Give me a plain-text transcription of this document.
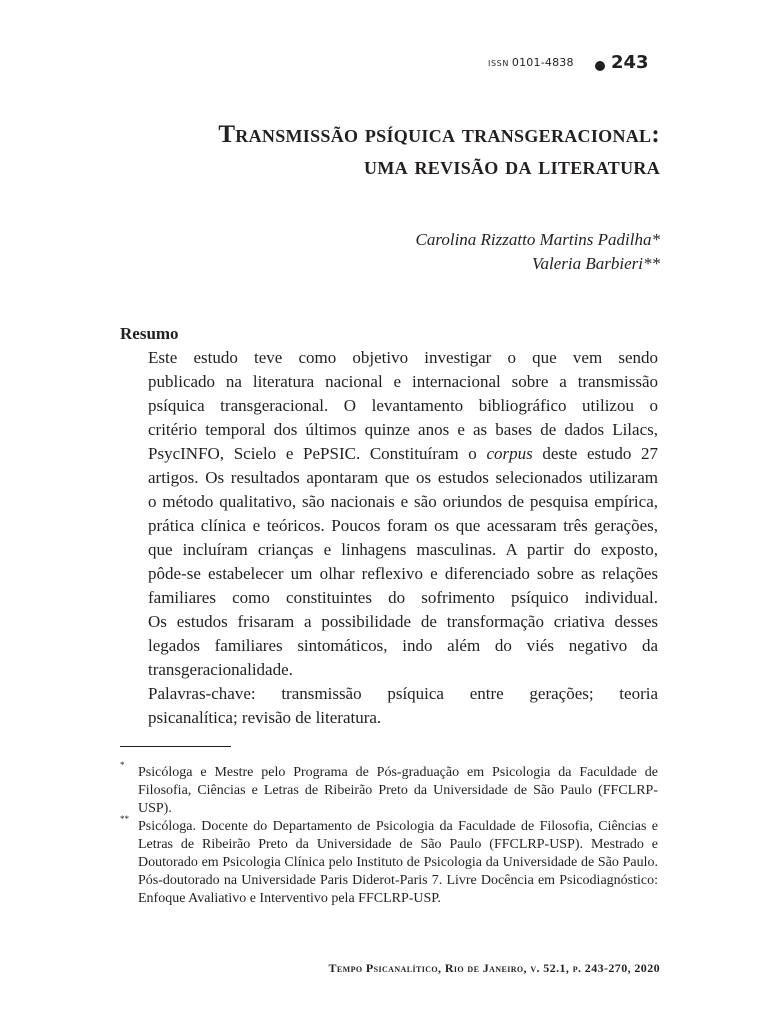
ISSN 0101-4838 243
Transmissão psíquica transgeracional:
uma revisão da literatura
Carolina Rizzatto Martins Padilha*
Valeria Barbieri**
Resumo

Este estudo teve como objetivo investigar o que vem sendo
publicado na literatura nacional e internacional sobre a transmissão
psíquica transgeracional. O levantamento bibliográfico utilizou o
critério temporal dos últimos quinze anos e as bases de dados Lilacs,
PsycINFO, Scielo e PePSIC. Constituíram o corpus deste estudo 27
artigos. Os resultados apontaram que os estudos selecionados utilizaram
o método qualitativo, são nacionais e são oriundos de pesquisa empírica,
prática clínica e teóricos. Poucos foram os que acessaram três gerações,
que incluíram crianças e linhagens masculinas. A partir do exposto,
pôde-se estabelecer um olhar reflexivo e diferenciado sobre as relações
familiares como constituintes do sofrimento psíquico individual.
Os estudos frisaram a possibilidade de transformação criativa desses
legados familiares sintomáticos, indo além do viés negativo da
transgeracionalidade.

Palavras-chave: transmissão psíquica entre gerações; teoria
psicanalítica; revisão de literatura.

* Psicóloga e Mestre pelo Programa de Pós-graduação em Psicologia da Faculdade de Filosofia, Ciências e Letras de Ribeirão Preto da Universidade de São Paulo (FFCLRP-USP).

** Psicóloga. Docente do Departamento de Psicologia da Faculdade de Filosofia, Ciências e Letras de Ribeirão Preto da Universidade de São Paulo (FFCLRP-USP). Mestrado e Doutorado em Psicologia Clínica pelo Instituto de Psicologia da Universidade de São Paulo. Pós-doutorado na Universidade Paris Diderot-Paris 7. Livre Docência em Psicodiagnóstico: Enfoque Avaliativo e Interventivo pela FFCLRP-USP.

Tempo Psicanalítico, Rio de Janeiro, v. 52.1, p. 243-270, 2020
